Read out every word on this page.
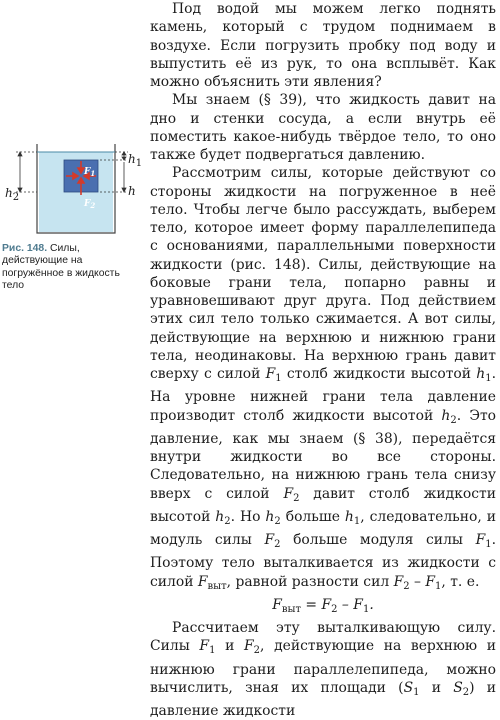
$h_2$
$h_1$
h
$F_1$
$F_2$
Рис. 148. Силы, действующие на погружённое в жидкость тело

Под водой мы можем легко поднять камень, который с трудом поднимаем в воздухе. Если погрузить пробку под воду и выпустить её из рук, то она всплывёт. Как можно объяснить эти явления?

Мы знаем (§ 39), что жидкость давит на дно и стенки сосуда, а если внутрь её поместить какое-нибудь твёрдое тело, то оно также будет подвергаться давлению.

Рассмотрим силы, которые действуют со стороны жидкости на погруженное в неё тело. Чтобы легче было рассуждать, выберем тело, которое имеет форму параллелепипеда с основаниями, параллельными поверхности жидкости (рис. 148). Силы, действующие на боковые грани тела, попарно равны и уравновешивают друг друга. Под действием этих сил тело только сжимается. А вот силы, действующие на верхнюю и нижнюю грани тела, неодинаковы. На верхнюю грань давит сверху с силой $F_1$ столб жидкости высотой $h_1$. На уровне нижней грани тела давление производит столб жидкости высотой $h_2$. Это давление, как мы знаем (§ 38), передаётся внутри жидкости во все стороны. Следовательно, на нижнюю грань тела снизу вверх с силой $F_2$ давит столб жидкости высотой $h_2$. Но $h_2$ больше $h_1$, следовательно, и модуль силы $F_2$ больше модуля силы $F_1$. Поэтому тело выталкивается из жидкости с силой $F_{выт}$, равной разности сил $F_2 - F_1$, т. е.

$F_{выт} = F_2 - F_1$.

Рассчитаем эту выталкивающую силу. Силы $F_1$ и $F_2$, действующие на верхнюю и нижнюю грани параллелепипеда, можно вычислить, зная их площади ($S_1$ и $S_2$) и давление жидкости
